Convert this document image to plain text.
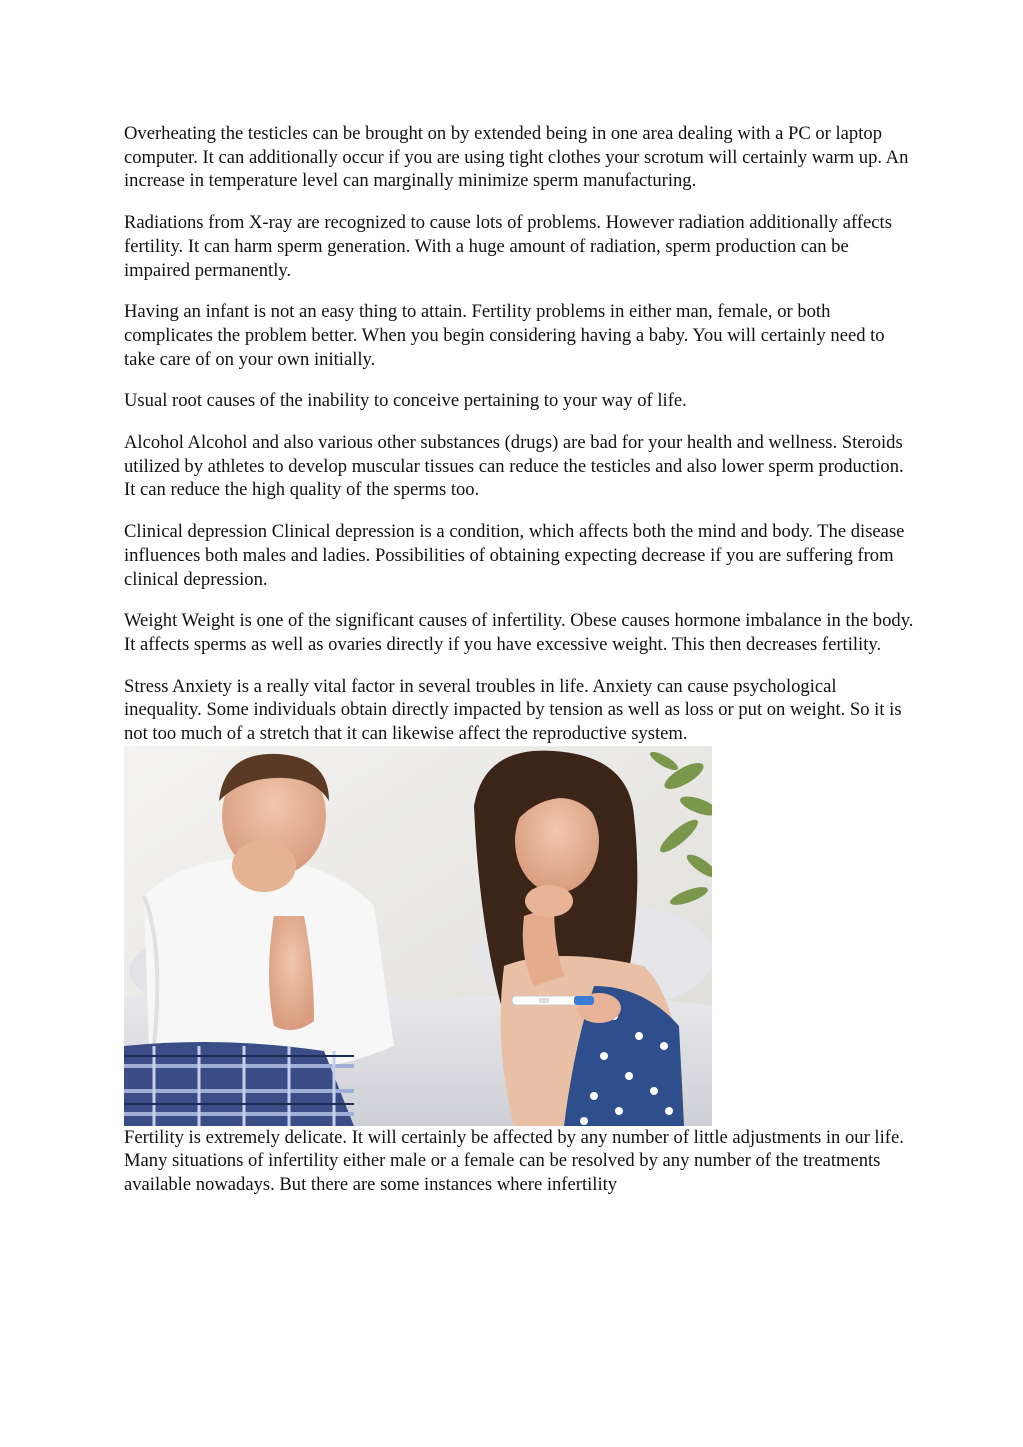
Overheating the testicles can be brought on by extended being in one area dealing with a PC or laptop computer. It can additionally occur if you are using tight clothes your scrotum will certainly warm up. An increase in temperature level can marginally minimize sperm manufacturing.

Radiations from X-ray are recognized to cause lots of problems. However radiation additionally affects fertility. It can harm sperm generation. With a huge amount of radiation, sperm production can be impaired permanently.

Having an infant is not an easy thing to attain. Fertility problems in either man, female, or both complicates the problem better. When you begin considering having a baby. You will certainly need to take care of on your own initially.

Usual root causes of the inability to conceive pertaining to your way of life.

Alcohol Alcohol and also various other substances (drugs) are bad for your health and wellness. Steroids utilized by athletes to develop muscular tissues can reduce the testicles and also lower sperm production. It can reduce the high quality of the sperms too.

Clinical depression Clinical depression is a condition, which affects both the mind and body. The disease influences both males and ladies. Possibilities of obtaining expecting decrease if you are suffering from clinical depression.

Weight Weight is one of the significant causes of infertility. Obese causes hormone imbalance in the body. It affects sperms as well as ovaries directly if you have excessive weight. This then decreases fertility.

Stress Anxiety is a really vital factor in several troubles in life. Anxiety can cause psychological inequality. Some individuals obtain directly impacted by tension as well as loss or put on weight. So it is not too much of a stretch that it can likewise affect the reproductive system.

Fertility is extremely delicate. It will certainly be affected by any number of little adjustments in our life. Many situations of infertility either male or a female can be resolved by any number of the treatments available nowadays. But there are some instances where infertility
